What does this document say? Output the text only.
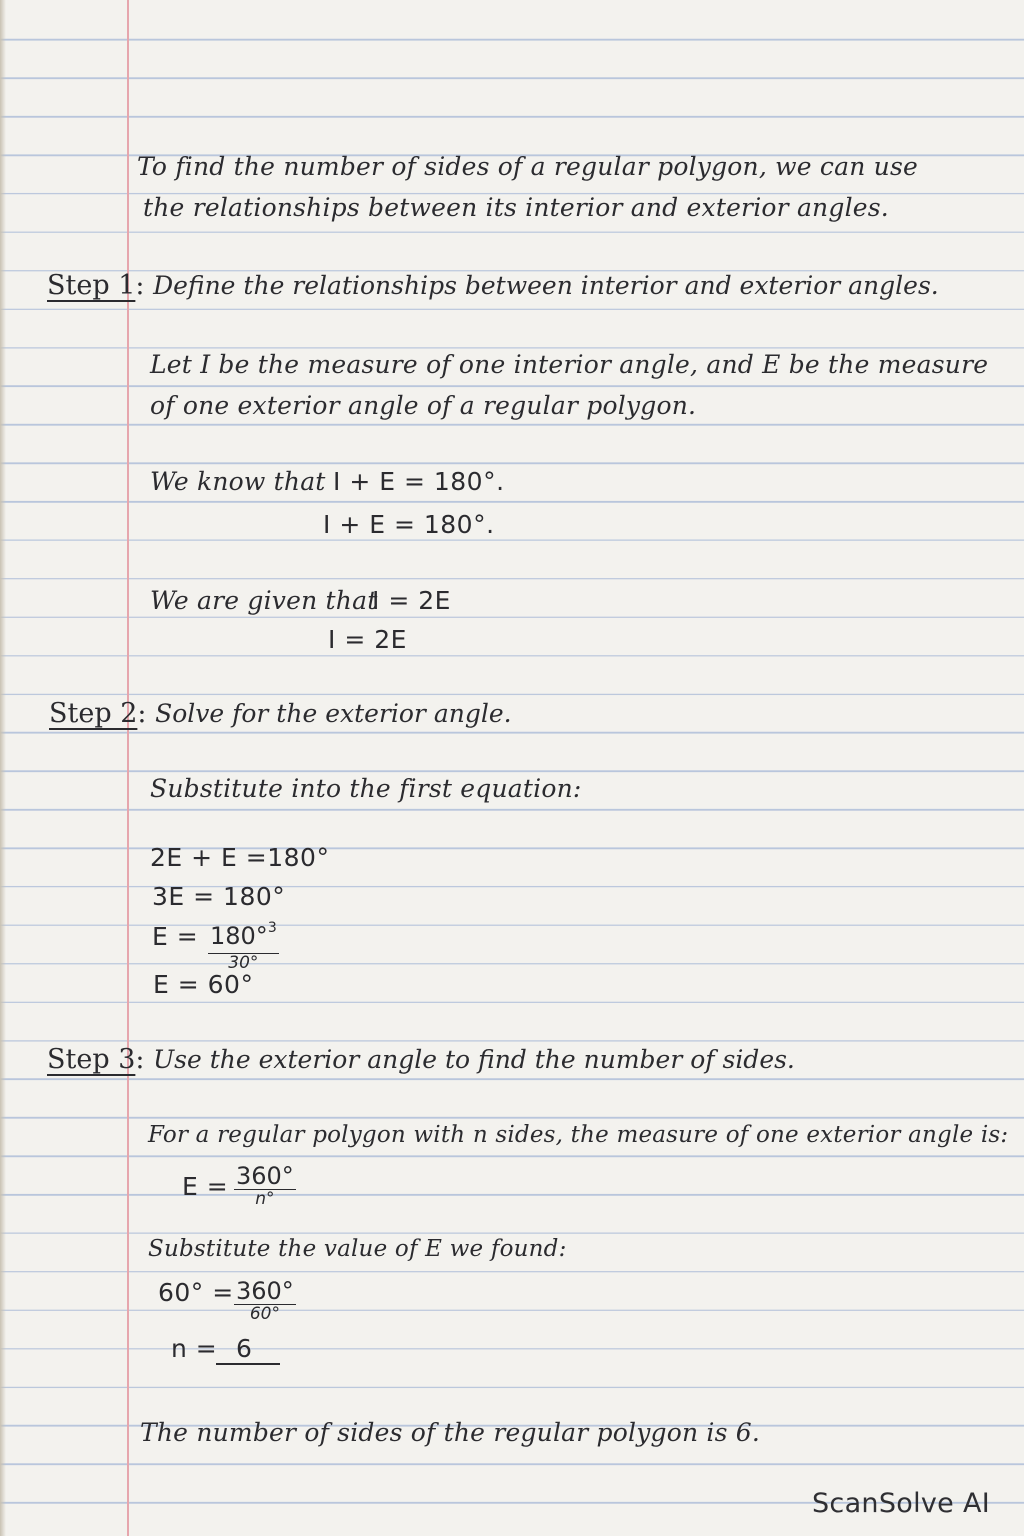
To find the number of sides of a regular polygon, we can use
the relationships between its interior and exterior angles.
Step 1: Define the relationships between interior and exterior angles.
Let I be the measure of one interior angle, and E be the measure
of one exterior angle of a regular polygon.
We know that I + E = 180°.
I + E = 180°.
We are given that
I = 2E
I = 2E
Step 2: Solve for the exterior angle.
Substitute into the first equation:
2E + E =180°
3E = 180°
E = 180°$^3$
30°
E = 60°
Step 3: Use the exterior angle to find the number of sides.
For a regular polygon with n sides, the measure of one exterior angle is:
E = 360°
n°
Substitute the value of E we found:
60° = 360°
60°
n = 6
The number of sides of the regular polygon is 6.
ScanSolve AI
